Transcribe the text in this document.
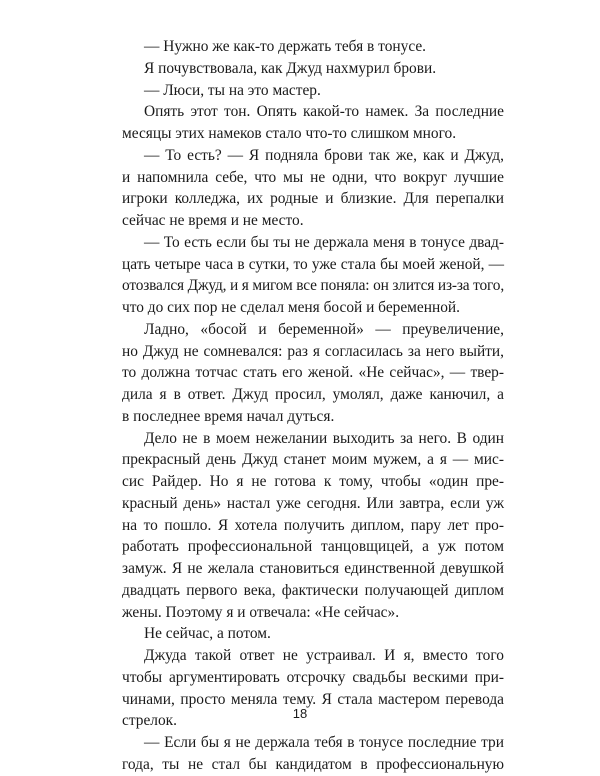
— Нужно же как-то держать тебя в тонусе.
Я почувствовала, как Джуд нахмурил брови.
— Люси, ты на это мастер.
Опять этот тон. Опять какой-то намек. За последние
месяцы этих намеков стало что-то слишком много.
— То есть? — Я подняла брови так же, как и Джуд,
и напомнила себе, что мы не одни, что вокруг лучшие
игроки колледжа, их родные и близкие. Для перепалки
сейчас не время и не место.
— То есть если бы ты не держала меня в тонусе двад-
цать четыре часа в сутки, то уже стала бы моей женой, —
отозвался Джуд, и я мигом все поняла: он злится из-за того,
что до сих пор не сделал меня босой и беременной.
Ладно, «босой и беременной» — преувеличение,
но Джуд не сомневался: раз я согласилась за него выйти,
то должна тотчас стать его женой. «Не сейчас», — твер-
дила я в ответ. Джуд просил, умолял, даже канючил, а
в последнее время начал дуться.
Дело не в моем нежелании выходить за него. В один
прекрасный день Джуд станет моим мужем, а я — мис-
сис Райдер. Но я не готова к тому, чтобы «один пре-
красный день» настал уже сегодня. Или завтра, если уж
на то пошло. Я хотела получить диплом, пару лет про-
работать профессиональной танцовщицей, а уж потом
замуж. Я не желала становиться единственной девушкой
двадцать первого века, фактически получающей диплом
жены. Поэтому я и отвечала: «Не сейчас».
Не сейчас, а потом.
Джуда такой ответ не устраивал. И я, вместо того
чтобы аргументировать отсрочку свадьбы вескими при-
чинами, просто меняла тему. Я стала мастером перевода
стрелок.
— Если бы я не держала тебя в тонусе последние три
года, ты не стал бы кандидатом в профессиональную
18
